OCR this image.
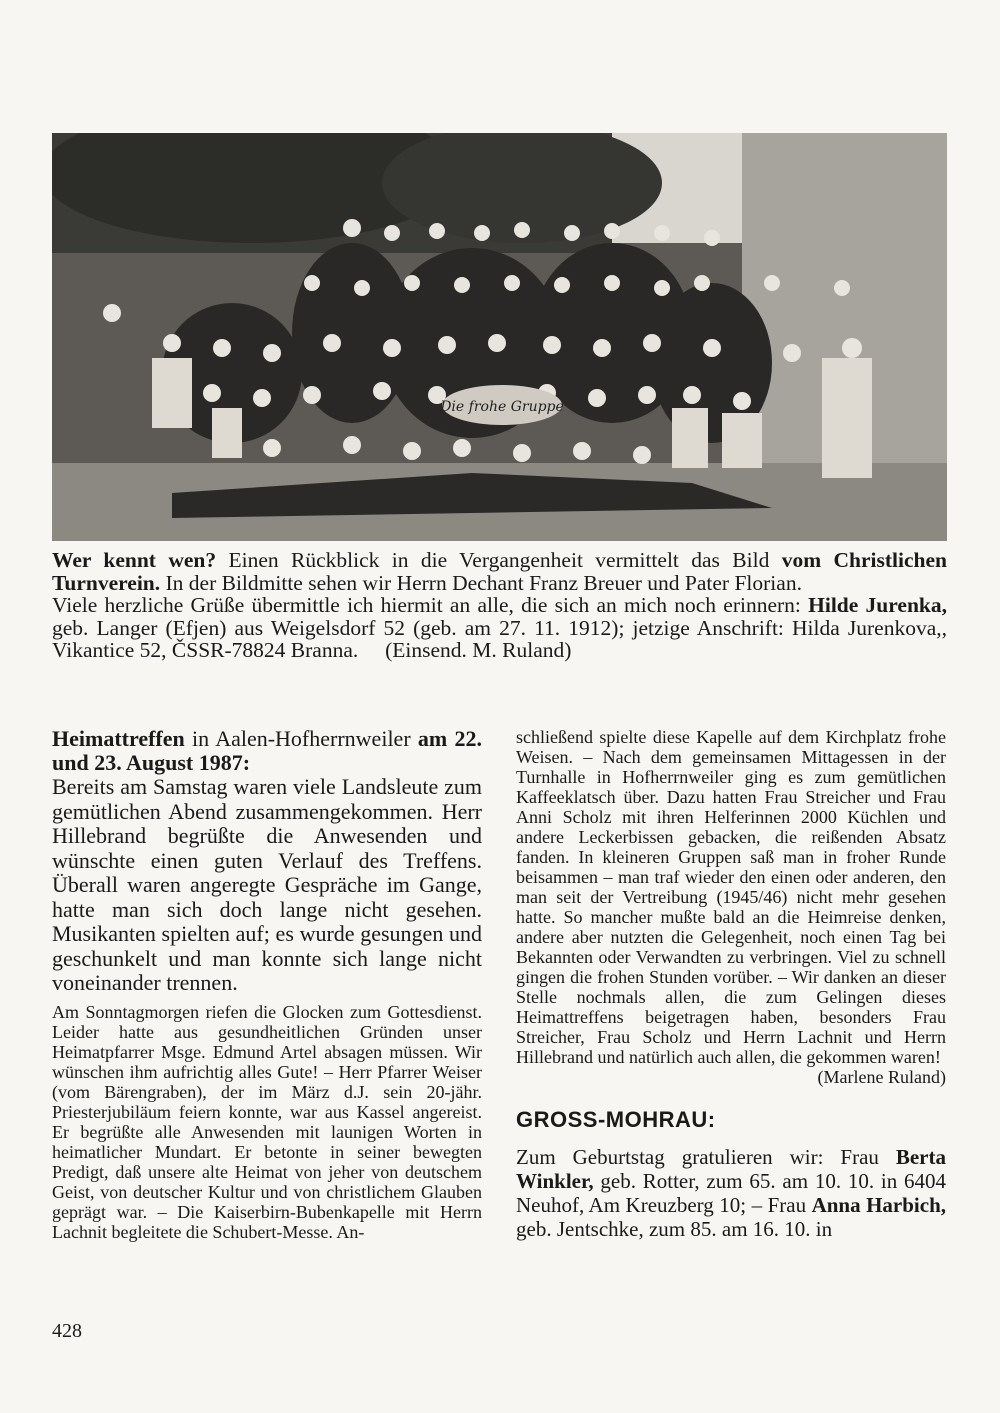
Die frohe Gruppe

Wer kennt wen? Einen Rückblick in die Vergangenheit vermittelt das Bild vom Christlichen Turnverein. In der Bildmitte sehen wir Herrn Dechant Franz Breuer und Pater Florian.

Viele herzliche Grüße übermittle ich hiermit an alle, die sich an mich noch erinnern: Hilde Jurenka, geb. Langer (Efjen) aus Weigelsdorf 52 (geb. am 27. 11. 1912); jetzige Anschrift: Hilda Jurenkova,, Vikantice 52, ČSSR-78824 Branna. (Einsend. M. Ruland)

Heimattreffen in Aalen-Hofherrnweiler am 22. und 23. August 1987:

Bereits am Samstag waren viele Landsleute zum gemütlichen Abend zusammengekommen. Herr Hillebrand begrüßte die Anwesenden und wünschte einen guten Verlauf des Treffens. Überall waren angeregte Gespräche im Gange, hatte man sich doch lange nicht gesehen. Musikanten spielten auf; es wurde gesungen und geschunkelt und man konnte sich lange nicht voneinander trennen.

Am Sonntagmorgen riefen die Glocken zum Gottesdienst. Leider hatte aus gesundheitlichen Gründen unser Heimatpfarrer Msge. Edmund Artel absagen müssen. Wir wünschen ihm aufrichtig alles Gute! – Herr Pfarrer Weiser (vom Bärengraben), der im März d.J. sein 20-jähr. Priesterjubiläum feiern konnte, war aus Kassel angereist. Er begrüßte alle Anwesenden mit launigen Worten in heimatlicher Mundart. Er betonte in seiner bewegten Predigt, daß unsere alte Heimat von jeher von deutschem Geist, von deutscher Kultur und von christlichem Glauben geprägt war. – Die Kaiserbirn-Bubenkapelle mit Herrn Lachnit begleitete die Schubert-Messe. An-

schließend spielte diese Kapelle auf dem Kirchplatz frohe Weisen. – Nach dem gemeinsamen Mittagessen in der Turnhalle in Hofherrnweiler ging es zum gemütlichen Kaffeeklatsch über. Dazu hatten Frau Streicher und Frau Anni Scholz mit ihren Helferinnen 2000 Küchlen und andere Leckerbissen gebacken, die reißenden Absatz fanden. In kleineren Gruppen saß man in froher Runde beisammen – man traf wieder den einen oder anderen, den man seit der Vertreibung (1945/46) nicht mehr gesehen hatte. So mancher mußte bald an die Heimreise denken, andere aber nutzten die Gelegenheit, noch einen Tag bei Bekannten oder Verwandten zu verbringen. Viel zu schnell gingen die frohen Stunden vorüber. – Wir danken an dieser Stelle nochmals allen, die zum Gelingen dieses Heimattreffens beigetragen haben, besonders Frau Streicher, Frau Scholz und Herrn Lachnit und Herrn Hillebrand und natürlich auch allen, die gekommen waren!

(Marlene Ruland)
GROSS-MOHRAU:

Zum Geburtstag gratulieren wir: Frau Berta Winkler, geb. Rotter, zum 65. am 10. 10. in 6404 Neuhof, Am Kreuzberg 10; – Frau Anna Harbich, geb. Jentschke, zum 85. am 16. 10. in

428
